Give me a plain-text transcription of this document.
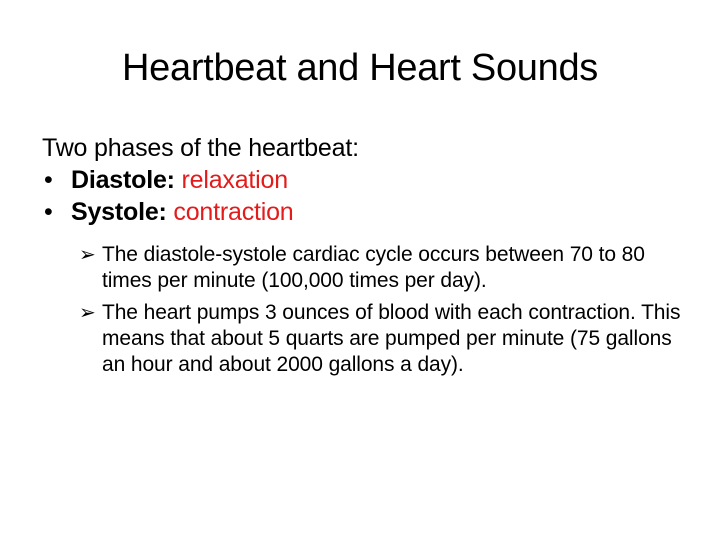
Heartbeat and Heart Sounds

Two phases of the heartbeat:

• Diastole: relaxation
• Systole: contraction
➢ The diastole-systole cardiac cycle occurs between 70 to 80 times per minute (100,000 times per day).
➢ The heart pumps 3 ounces of blood with each contraction. This means that about 5 quarts are pumped per minute (75 gallons an hour and about 2000 gallons a day).
